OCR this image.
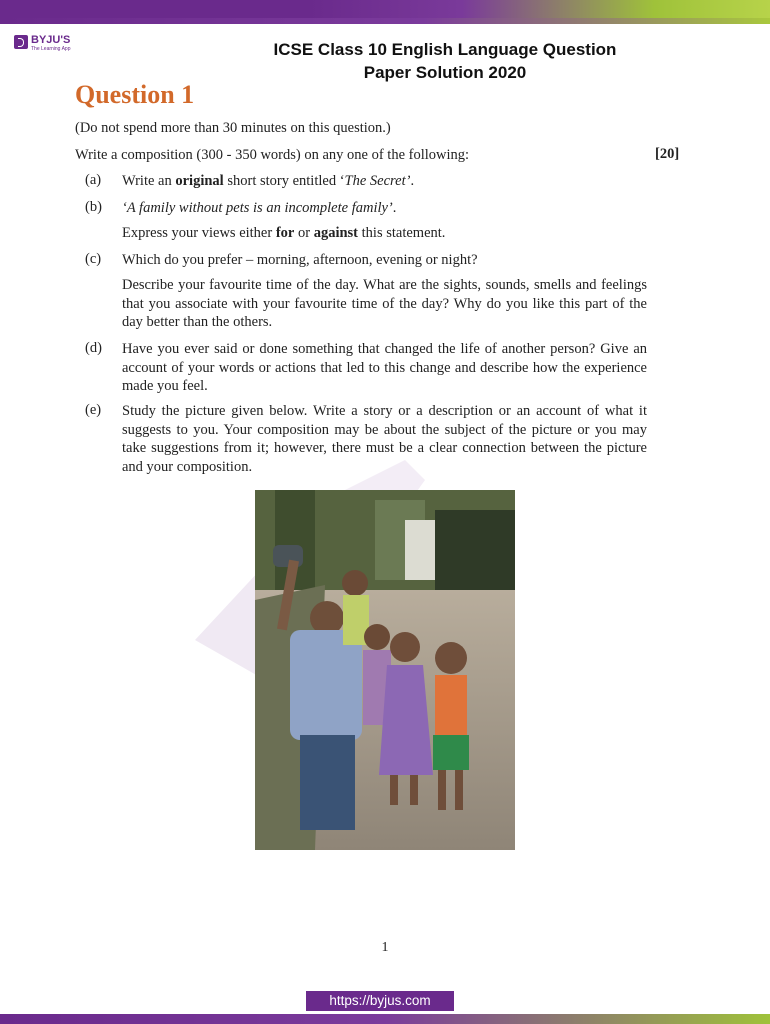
BYJU'S
The Learning App	ICSE Class 10 English Language Question
Paper Solution 2020
Question 1
(Do not spend more than 30 minutes on this question.)
Write a composition (300 - 350 words) on any one of the following:	[20]
(a) Write an original short story entitled ‘The Secret’.
(b) ‘A family without pets is an incomplete family’.
Express your views either for or against this statement.
(c) Which do you prefer – morning, afternoon, evening or night?
Describe your favourite time of the day. What are the sights, sounds, smells and feelings that you associate with your favourite time of the day? Why do you like this part of the day better than the others.
(d) Have you ever said or done something that changed the life of another person? Give an account of your words or actions that led to this change and describe how the experience made you feel.
(e) Study the picture given below. Write a story or a description or an account of what it suggests to you. Your composition may be about the subject of the picture or you may take suggestions from it; however, there must be a clear connection between the picture and your composition.
1
https://byjus.com
